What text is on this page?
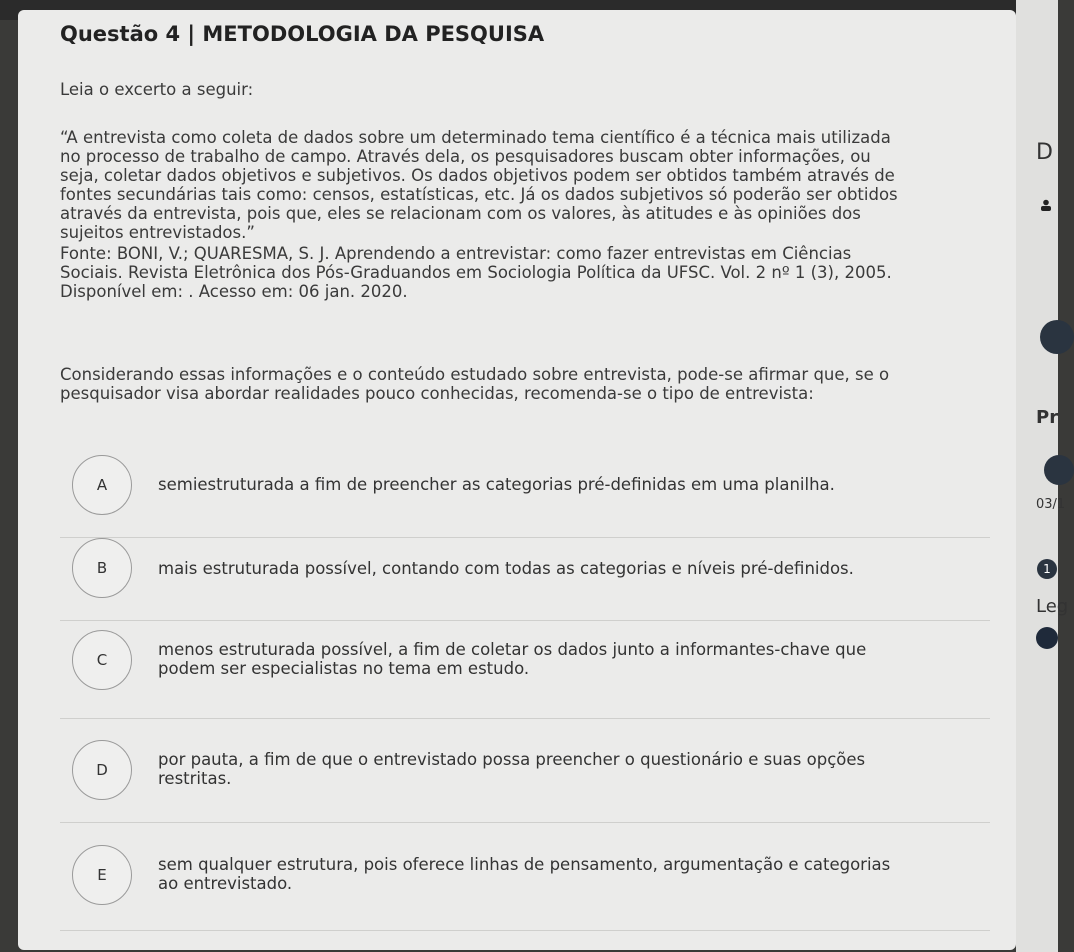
Questão 4 | METODOLOGIA DA PESQUISA
Leia o excerto a seguir:
“A entrevista como coleta de dados sobre um determinado tema científico é a técnica mais utilizada
no processo de trabalho de campo. Através dela, os pesquisadores buscam obter informações, ou
seja, coletar dados objetivos e subjetivos. Os dados objetivos podem ser obtidos também através de
fontes secundárias tais como: censos, estatísticas, etc. Já os dados subjetivos só poderão ser obtidos
através da entrevista, pois que, eles se relacionam com os valores, às atitudes e às opiniões dos
sujeitos entrevistados.”
Fonte: BONI, V.; QUARESMA, S. J. Aprendendo a entrevistar: como fazer entrevistas em Ciências
Sociais. Revista Eletrônica dos Pós-Graduandos em Sociologia Política da UFSC. Vol. 2 nº 1 (3), 2005.
Disponível em: . Acesso em: 06 jan. 2020.
Considerando essas informações e o conteúdo estudado sobre entrevista, pode-se afirmar que, se o
pesquisador visa abordar realidades pouco conhecidas, recomenda-se o tipo de entrevista:
A	semiestruturada a fim de preencher as categorias pré-definidas em uma planilha.
B	mais estruturada possível, contando com todas as categorias e níveis pré-definidos.
C
menos estruturada possível, a fim de coletar os dados junto a informantes-chave que
podem ser especialistas no tema em estudo.
D
por pauta, a fim de que o entrevistado possa preencher o questionário e suas opções
restritas.
E
sem qualquer estrutura, pois oferece linhas de pensamento, argumentação e categorias
ao entrevistado.
D
Pr
03/1
1
Leg
